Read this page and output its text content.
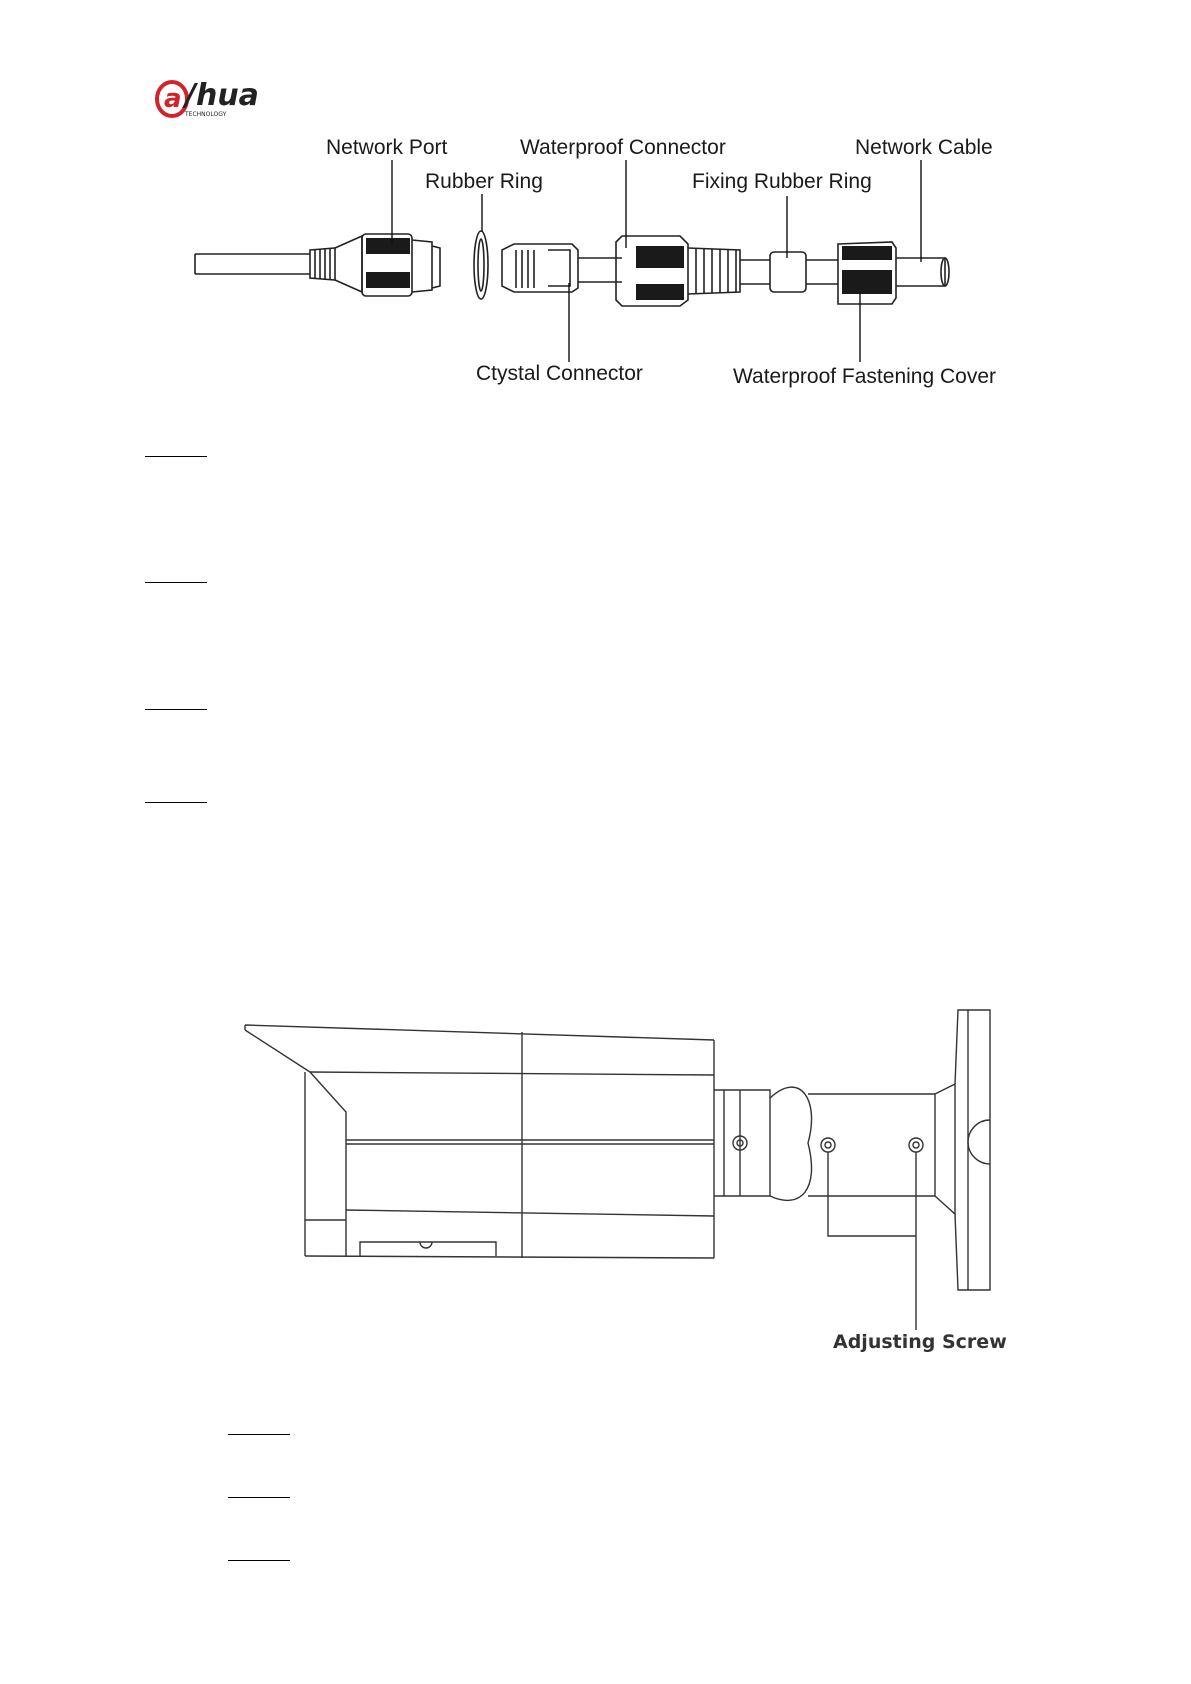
a /hua
TECHNOLOGY
Network Port
Rubber Ring
Waterproof Connector
Fixing Rubber Ring
Network Cable
Ctystal Connector	Waterproof Fastening Cover
Adjusting Screw
